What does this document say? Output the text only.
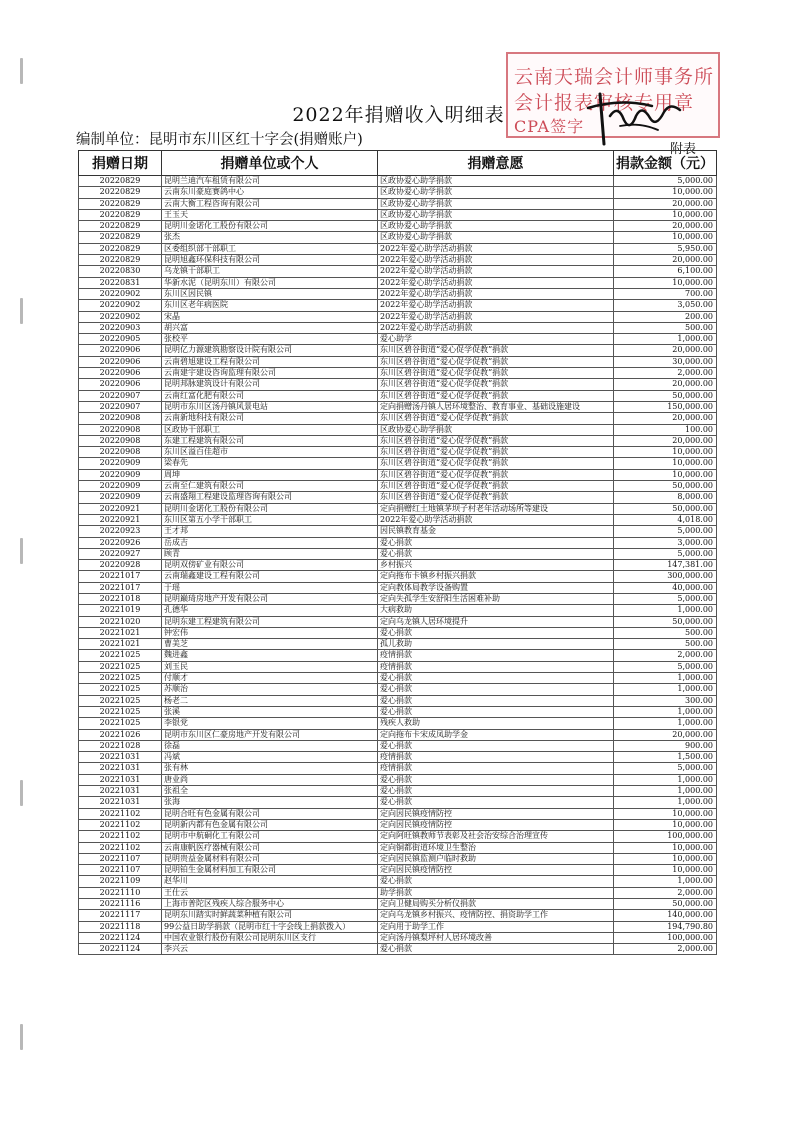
云南天瑞会计师事务所
会计报表审核专用章
CPA签字
2022年捐赠收入明细表
编制单位：昆明市东川区红十字会(捐赠账户)
附表
捐赠日期	捐赠单位或个人	捐赠意愿	捐款金额（元）
20220829	昆明兰迪汽车租赁有限公司	区政协爱心助学捐款	5,000.00
20220829	云南东川豪庭赛鸽中心	区政协爱心助学捐款	10,000.00
20220829	云南大衡工程咨询有限公司	区政协爱心助学捐款	20,000.00
20220829	王玉天	区政协爱心助学捐款	10,000.00
20220829	昆明川金诺化工股份有限公司	区政协爱心助学捐款	20,000.00
20220829	张杰	区政协爱心助学捐款	10,000.00
20220829	区委组织部干部职工	2022年爱心助学活动捐款	5,950.00
20220829	昆明旭鑫环保科技有限公司	2022年爱心助学活动捐款	20,000.00
20220830	乌龙镇干部职工	2022年爱心助学活动捐款	6,100.00
20220831	华新水泥（昆明东川）有限公司	2022年爱心助学活动捐款	10,000.00
20220902	东川区因民镇	2022年爱心助学活动捐款	700.00
20220902	东川区老年病医院	2022年爱心助学活动捐款	3,050.00
20220902	宋晶	2022年爱心助学活动捐款	200.00
20220903	胡兴富	2022年爱心助学活动捐款	500.00
20220905	张校平	爱心助学	1,000.00
20220906	昆明亿力源建筑勘察设计院有限公司	东川区碧谷街道“爱心促学促教”捐款	20,000.00
20220906	云南碧旭建设工程有限公司	东川区碧谷街道“爱心促学促教”捐款	30,000.00
20220906	云南建宇建设咨询监理有限公司	东川区碧谷街道“爱心促学促教”捐款	2,000.00
20220906	昆明邦脉建筑设计有限公司	东川区碧谷街道“爱心促学促教”捐款	20,000.00
20220907	云南红富化肥有限公司	东川区碧谷街道“爱心促学促教”捐款	50,000.00
20220907	昆明市东川区汤丹镇风景电站	定向捐赠汤丹镇人居环境整治、教育事业、基础设施建设	150,000.00
20220908	云南新地科技有限公司	东川区碧谷街道“爱心促学促教”捐款	20,000.00
20220908	区政协干部职工	区政协爱心助学捐款	100.00
20220908	东建工程建筑有限公司	东川区碧谷街道“爱心促学促教”捐款	20,000.00
20220908	东川区溢百佳超市	东川区碧谷街道“爱心促学促教”捐款	10,000.00
20220909	梁春先	东川区碧谷街道“爱心促学促教”捐款	10,000.00
20220909	周坤	东川区碧谷街道“爱心促学促教”捐款	10,000.00
20220909	云南至仁建筑有限公司	东川区碧谷街道“爱心促学促教”捐款	50,000.00
20220909	云南盛翔工程建设监理咨询有限公司	东川区碧谷街道“爱心促学促教”捐款	8,000.00
20220921	昆明川金诺化工股份有限公司	定向捐赠红土地镇茅坝子村老年活动场所等建设	50,000.00
20220921	东川区第五小学干部职工	2022年爱心助学活动捐款	4,018.00
20220923	王才邦	因民镇教育基金	5,000.00
20220926	岳成吉	爱心捐款	3,000.00
20220927	顾青	爱心捐款	5,000.00
20220928	昆明双傍矿业有限公司	乡村振兴	147,381.00
20221017	云南瑞鑫建设工程有限公司	定向拖布卡镇乡村振兴捐款	300,000.00
20221017	于瑶	定向教体局教学设备购置	40,000.00
20221018	昆明巅琦房地产开发有限公司	定向失孤学生安舒阳生活困难补助	5,000.00
20221019	孔德华	大病救助	1,000.00
20221020	昆明东建工程建筑有限公司	定向乌龙镇人居环境提升	50,000.00
20221021	钟宏伟	爱心捐款	500.00
20221021	曹美芝	孤儿救助	500.00
20221025	魏进鑫	疫情捐款	2,000.00
20221025	刘玉民	疫情捐款	5,000.00
20221025	付顺才	爱心捐款	1,000.00
20221025	苏顺治	爱心捐款	1,000.00
20221025	杨老二	爱心捐款	300.00
20221025	张溪	爱心捐款	1,000.00
20221025	李银党	残疾人救助	1,000.00
20221026	昆明市东川区仁豪房地产开发有限公司	定向拖布卡宋成凤助学金	20,000.00
20221028	徐磊	爱心捐款	900.00
20221031	冯斌	疫情捐款	1,500.00
20221031	张有林	疫情捐款	5,000.00
20221031	唐业尚	爱心捐款	1,000.00
20221031	张祖全	爱心捐款	1,000.00
20221031	张海	爱心捐款	1,000.00
20221102	昆明合旺有色金属有限公司	定向因民镇疫情防控	10,000.00
20221102	昆明新内都有色金属有限公司	定向因民镇疫情防控	10,000.00
20221102	昆明市中航硐化工有限公司	定向阿旺镇教师节表彰及社会治安综合治理宣传	100,000.00
20221102	云南康帆医疗器械有限公司	定向铜都街道环境卫生整治	10,000.00
20221107	昆明贵益金属材料有限公司	定向因民镇监测户临时救助	10,000.00
20221107	昆明铂生金属材料加工有限公司	定向因民镇疫情防控	10,000.00
20221109	赵华川	爱心捐款	1,000.00
20221110	王仕云	助学捐款	2,000.00
20221116	上海市普陀区残疾人综合服务中心	定向卫健局购买分析仪捐款	50,000.00
20221117	昆明东川踏实时鲜蔬菜种植有限公司	定向乌龙镇乡村振兴、疫情防控、捐资助学工作	140,000.00
20221118	99公益日助学捐款（昆明市红十字会线上捐款拨入）	定向用于助学工作	194,790.80
20221124	中国农业银行股份有限公司昆明东川区支行	定向汤丹镇梨坪村人居环境改善	100,000.00
20221124	李兴云	爱心捐款	2,000.00
